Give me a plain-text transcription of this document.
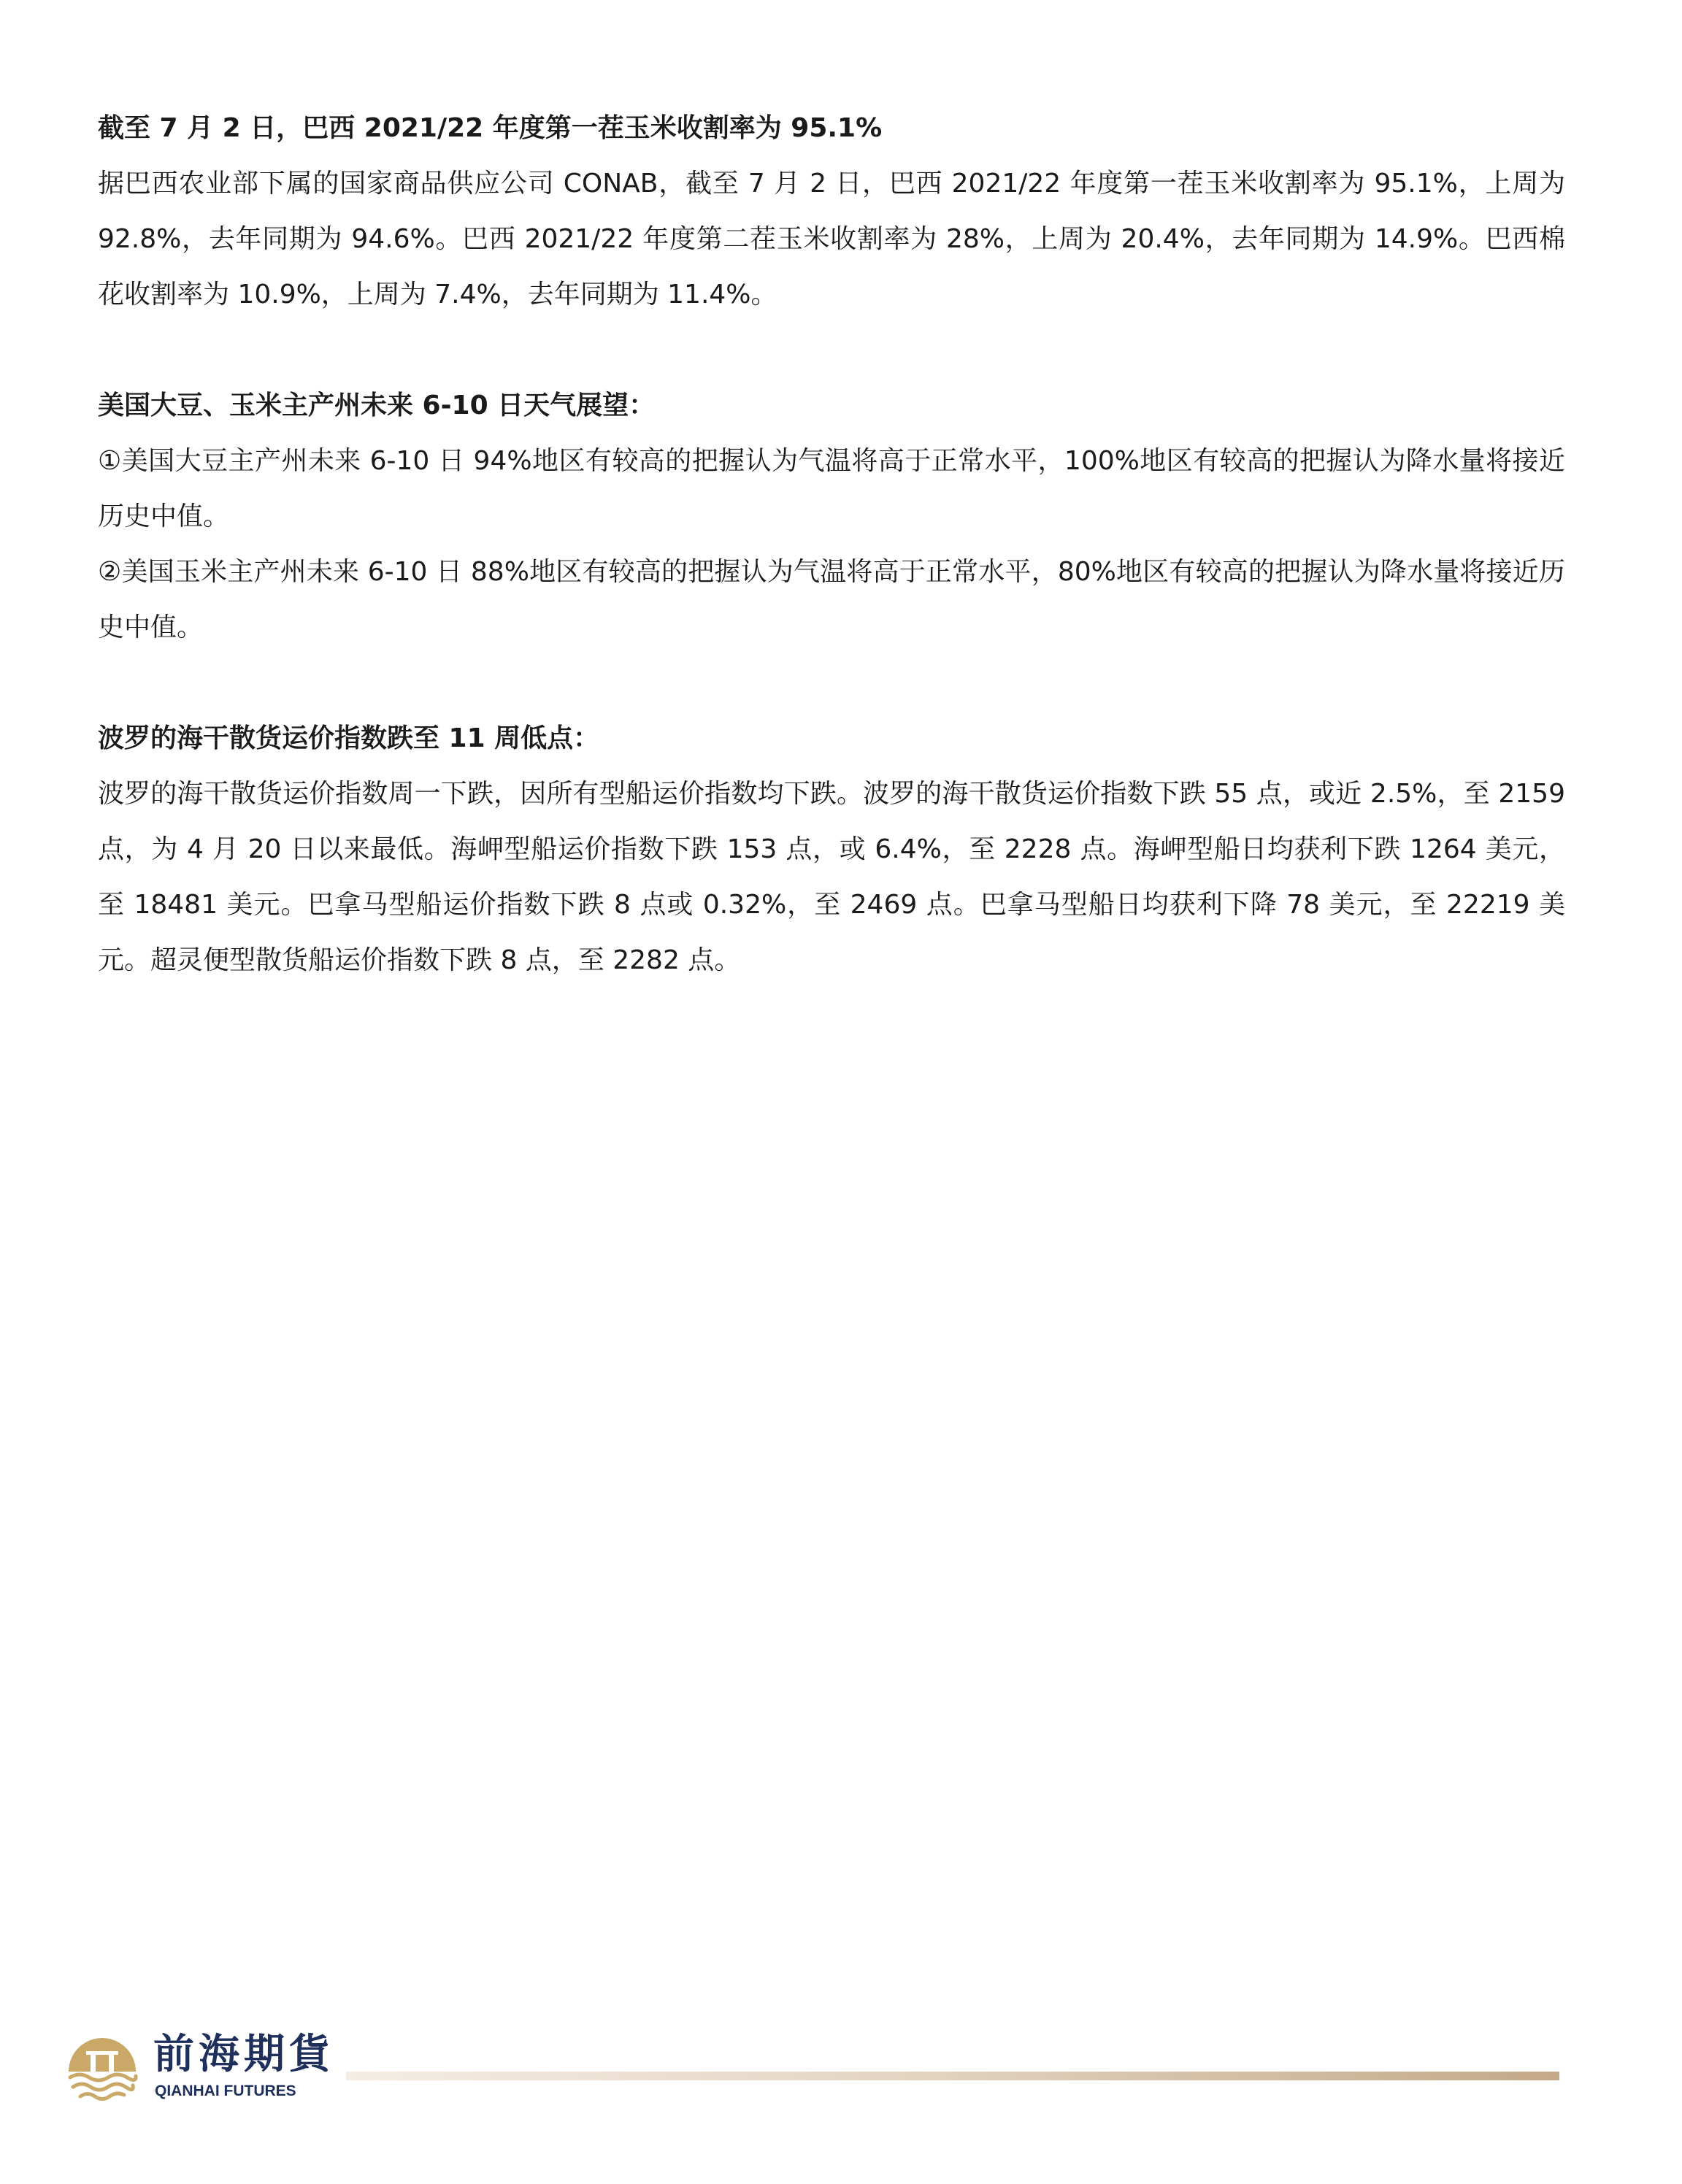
截至 7 月 2 日，巴西 2021/22 年度第一茬玉米收割率为 95.1%

据巴西农业部下属的国家商品供应公司 CONAB，截至 7 月 2 日，巴西 2021/22 年度第一茬玉米收割率为 95.1%，上周为 92.8%，去年同期为 94.6%。巴西 2021/22 年度第二茬玉米收割率为 28%，上周为 20.4%，去年同期为 14.9%。巴西棉花收割率为 10.9%，上周为 7.4%，去年同期为 11.4%。

美国大豆、玉米主产州未来 6-10 日天气展望：

①美国大豆主产州未来 6-10 日 94%地区有较高的把握认为气温将高于正常水平，100%地区有较高的把握认为降水量将接近历史中值。

②美国玉米主产州未来 6-10 日 88%地区有较高的把握认为气温将高于正常水平，80%地区有较高的把握认为降水量将接近历史中值。

波罗的海干散货运价指数跌至 11 周低点：

波罗的海干散货运价指数周一下跌，因所有型船运价指数均下跌。波罗的海干散货运价指数下跌 55 点，或近 2.5%，至 2159 点，为 4 月 20 日以来最低。海岬型船运价指数下跌 153 点，或 6.4%，至 2228 点。海岬型船日均获利下跌 1264 美元，至 18481 美元。巴拿马型船运价指数下跌 8 点或 0.32%，至 2469 点。巴拿马型船日均获利下降 78 美元，至 22219 美元。超灵便型散货船运价指数下跌 8 点，至 2282 点。

前海期貨
QIANHAI FUTURES
